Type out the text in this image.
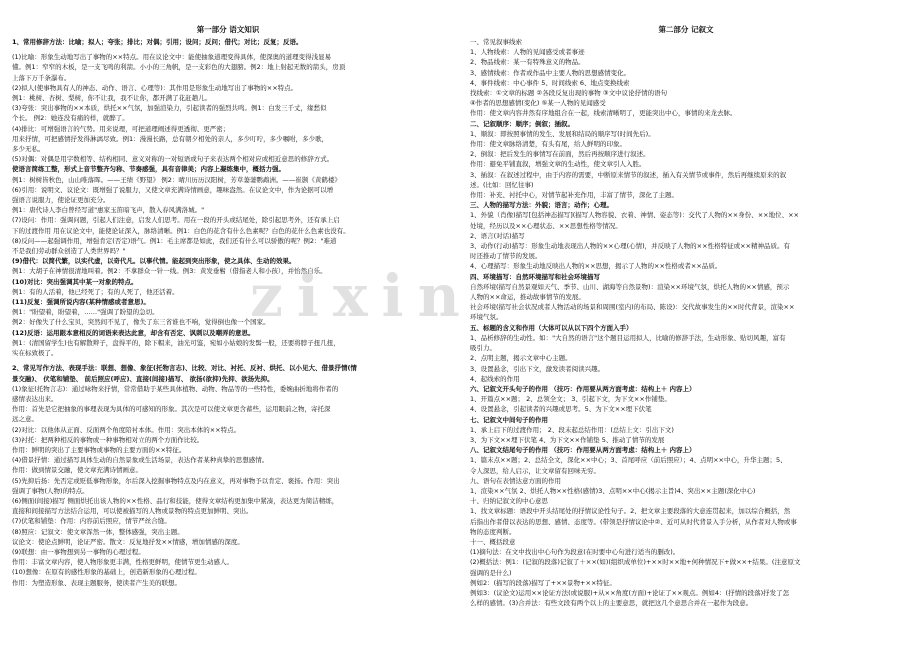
第一部分 语文知识
1、常用修辞方法：比喻；拟人；夸张；排比；对偶；引用；设问；反问；借代；对比；反复；反语。
(1)比喻：形象生动地写出了事物的××特点。用在议论文中：能使抽象道理变得具体，使深奥的道理变得浅显易
懂。例1：窄窄的木板，是一支飞鸣的利箭。小小的三角帆，是一支彩色的大翅膀。例2：地上射起无数的箭头，房顶
上落下万千条瀑布。
(2)拟人(使事物具有人的神态、动作、语言、心理等)：其作用是形象生动地写出了事物的××特点。
例1：桃树、杏树、梨树，你不让我，我不让你，都开满了花赶趟儿。
(3)夸张：突出事物的××本质，烘托××气氛，加强渲染力，引起读者的强烈共鸣。例1：白发三千丈，缘愁似
个长。 例2：她连没有痛的样，就醉了。
(4)排比：可增强语言的气势。用来说理，可把道理阐述得更透彻、更严密；
用来抒情，可把感情抒发得淋漓尽致。例1：漫漫长路，总有朝夕相处的亲人，多少叮咛，多少嘱咐，多少歌，
多少无私。
(5)对偶：对偶是用字数相等、结构相同、意义对称的一对短语或句子来表达两个相对应或相近意思的修辞方式。
使语言简练工整，形式上音节整齐匀称、节奏感强，具有音律美；内容上凝练集中，概括力强。
例1：树树皆秋色，山山唯落晖。——王绩《野望》 例2：晴川历历汉阳树，芳草萋萋鹦鹉洲。——崔颢《黄鹤楼》
(6)引用：说明文、议论文：既增强了说服力，又使文章充满诗情画意，趣味盎然。在议论文中，作为论据可以增
强语言说服力，使论证更加充分。
例1：唐代诗人李白曾经写道"惠家玉笛暗飞声，散入春风满洛城。"
(7)设问：作用：强调问题，引起人们注意，启发人们思考。用在一段的开头或结尾处，除引起思考外，还有承上启
下的过渡作用 用在议论文中，能使论证深入，脉络清晰。例1：白色的花含有什么色素呢？白色的花什么色素也没有。
(8)反问——起强调作用，增强肯定(否定)语气。例1：毛主席都是如此，我们还有什么可以骄傲的呢？例2："难道
不是我们劳动群众创造了人类世界吗？"
(9)借代：以简代繁，以实代虚，以奇代凡。以事代情。能起到突出形象，使之具体、生动的效果。
例1：大胡子在神情很清地叫着。例2：不拿群众一针一线。例3：黄发垂髫（借指老人和小孩），并怡然自乐。
(10)对比：突出强调其中某一对象的特点。
例1：有的人活着，他已经死了；有的人死了，他还活着。
(11)反复：强调所说内容(某种情感或者意思)。
例1："盼望着，盼望着，……"强调了盼望的急切。
例2：好像失了什么宝贝，突然间不见了，像失了东三省谁也不响，觉得倒也像一个国家。
(12)反语：运用跟本意相反的词语来表达此意，却含有否定、讽刺以及嘲弄的意思。
例1：(清国留学生)也有解散辫子，盘得平的，除下帽来，油光可鉴，宛如小姑娘的发髻一般，还要将脖子扭几扭，
实在标致极了。
2、常见写作方法、表现手法：联想、想像、象征(托物言志)、比较、对比、衬托、反衬、烘托、以小见大、借景抒情(情
景交融)、 伏笔和铺垫、 前后照应(呼应)、直接(间接)描写、 欲扬(欲抑)先抑、欲扬先抑。
(1)象征(托物言志)：通过咏物来抒情，常常借助于某些具体植物、动物、物品等的一些特性，委婉曲折地将作者的
感情表达出来。
作用：首先是它把抽象的事理表现为具体的可感知的形象。其次是可以使文章更含蓄些，运用眼前之物，寄托深
远之意。
(2)对比：以他体从正面、反面两个角度陪衬本体。作用：突出本体的××特点。
(3)衬托：把两种相反的事物或一种事物相对立的两个方面作比较。
作用：鲜明的突出了主要事物或事物的主要方面的××特征。
(4)借景抒情：通过描写具体生动的自然景象或生活场景，表达作者某种真挚的思想感情。
作用：做到情景交融，使文章充满诗情画意。
(5)先抑后扬：先否定或贬低事物形象，尔后深入挖掘事物特点及内在意义，再对事物予以肯定、褒扬。作用：突出
强调了事物(人物)的特点。
(6)侧面(间接)描写 侧面烘托出该人物的××性格、品行和技能，使得文章结构更加集中紧凑，表达更为简洁精练，
直接和间接描写方法结合运用，可以使被描写的人物或景物的特点更加鲜明、突出。
(7)伏笔和铺垫：作用：内容前后照应，情节严丝合缝。
(8)照应：记叙文：使文章浑然一体，整体感强，突出主题。
议论文：使论点鲜明，论证严密。散文：反复地抒发××情感，增加情感的深度。
(9)联想：由一事物想到另一事物的心理过程。
作用：丰富文章内容，使人物形象更丰满，性格更鲜明，使情节更生动感人。
(10)想像：在原有的感性形象的基础上，创造新形象的心理过程。
作用：为塑造形象、表现主题服务，使读者产生美的联想。
第二部分 记叙文
一、常见叙事线索
1、人物线索：人物的见闻感受或者事迹
2、物品线索：某一有特殊意义的物品。
3、感情线索：作者或作品中主要人物的思想感情变化。
4、事件线索：中心事件 5、时间线索 6、地点变换线索
找线索：①文章的标题 ②各段反复出现的事物 ③文中议论抒情的语句
④作者的思想感情(变化) ⑤某一人物的见闻感受
作用：使文章内容井然有序地组合在一起，线索清晰明了，更能突出中心，事情的来龙去脉。
二、记叙顺序：顺序；倒叙；插叙。
1、顺叙：即按照事情的发生、发展和结局的顺序写(时间先后)。
作用：使文章脉络清楚，有头有尾，给人鲜明的印象。
2、倒叙：把后发生的事情写在前面，然后再按顺序进行叙述。
作用：避免平铺直叙，增强文章的生动性，使文章引人入胜。
3、插叙：在叙述过程中，由于内容的需要，中断原来情节的叙述，插入有关情节或事件，然后再继续原来的叙
述。(比如：回忆往事)
作用：补充、衬托中心，对情节起补充作用，丰富了情节，深化了主题。
三、人物的描写方法：外貌；语言；动作；心理。
1、外貌（肖像)描写[包括神态描写](描写人物容貌、衣着、神情、姿态等)：交代了人物的××身份、××地位、××
处境，经历以及××心理状态、××思想性格等情况。
2、语言(对话)描写
3、动作(行动)描写：形象生动地表现出人物的××心理(心情)，并反映了人物的××性格特征或××精神品质。有
时还推动了情节的发展。
4、心理描写：形象生动地反映出人物的××思想，揭示了人物的××性格或者××品质。
四、环境描写：自然环境描写和社会环境描写
自然环境(描写自然景观如天气、季节、山川、湖海等自然景物)：渲染××环境气氛，烘托人物的××情感，预示
人物的××命运，推动故事情节的发展。
社会环境(描写社会状况或者人物活动的场景和周围(室内)的布局、陈设)：交代故事发生的××时代背景，渲染××
环境气氛。
五、标题的含义和作用（大体可以从以下四个方面入手）
1、品析修辞的生动性。如："大自然的语言"这个题目运用拟人，比喻的修辞手法，生动形象、贴切风趣，富有
吸引力。
2、点明主题，揭示文章中心主题。
3、设置悬念，引出下文，激发读者阅读兴趣。
4、起线索的作用
六、记叙文开头句子的作用 （技巧：作用要从两方面考虑：结构上＋ 内容上）
1、开篇点××题； 2、总领全文； 3、引起下文，为下文××作铺垫。
4、设置悬念，引起读者的兴趣或思考。5、为下文××埋下伏笔
七、记叙文中间句子的作用
1、承上启下的过渡作用； 2、段末起总结作用：(总结上文：引出下文)
3、为下文××埋下伏笔 4、为下文××作铺垫 5、推动了情节的发展
八、记叙文结尾句子的作用 （技巧：作用要从两方面考虑：结构上＋ 内容上）
1、篇末点××题；2、总结全文，深化××中心；3、首尾呼应（前后照应）；4、点明××中心，升华主题；5、
令人深思，给人启示，让文章留有回味无穷。
九、语句在表情达意方面的作用
1、渲染××气氛 2、烘托人物××性格(感情)3、点明××中心(揭示主旨)4、突出××主题(深化中心)
十、归纳记叙文的中心意思
1、找文章标题：语段中开头结尾处的抒情议论性句子。2、把文章主要段落的大意连贯起来，加以综合概括，然
后指出作者借以表达的思想、感情、态度等。(带领是抒情议论中②、近可从时代背景入手分析，从作者对人物或事
物的态度判断。
十一、概括段意
(1)摘句法：在文中找出中心句作为段意(在时要中心句进行适当的删改)。
(2)概括法：例1：(记叙的段落)记叙了＋××(如)(组织成单位)+××时××地+何种情况下+做××+结果。(注意原文
强调的是什么)
例如2：(描写的段落)描写了+××景物+××特征。
例如3：(议论文)运用××论证方法(或说服)+从××角度(方面)+论证了××观点。例如4：(抒情的段落)抒发了怎
么样的感情。(3)合并法：有些文段有两个以上的主要意思，就把这几个意思合并在一起作为段意。
zixin
